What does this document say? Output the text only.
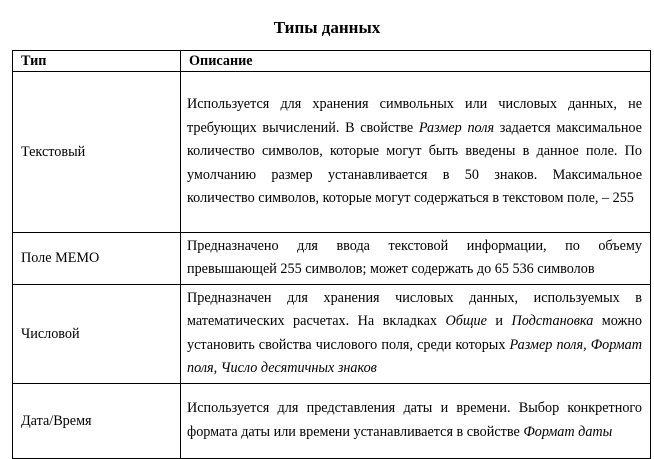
Типы данных
Тип	Описание
Текстовый	Используется для хранения символьных или числовых данных, не требующих вычислений. В свойстве Размер поля задается максимальное количество символов, которые могут быть введены в данное поле. По умолчанию размер устанавливается в 50 знаков. Максимальное количество символов, которые могут содержаться в текстовом поле, – 255

Поле МЕМО	Предназначено для ввода текстовой информации, по объему превышающей 255 символов; может содержать до 65 536 символов

Числовой	Предназначен для хранения числовых данных, используемых в математических расчетах. На вкладках Общие и Подстановка можно установить свойства числового поля, среди которых Размер поля, Формат поля, Число десятичных знаков

Дата/Время	Используется для представления даты и времени. Выбор конкретного формата даты или времени устанавливается в свойстве Формат даты
